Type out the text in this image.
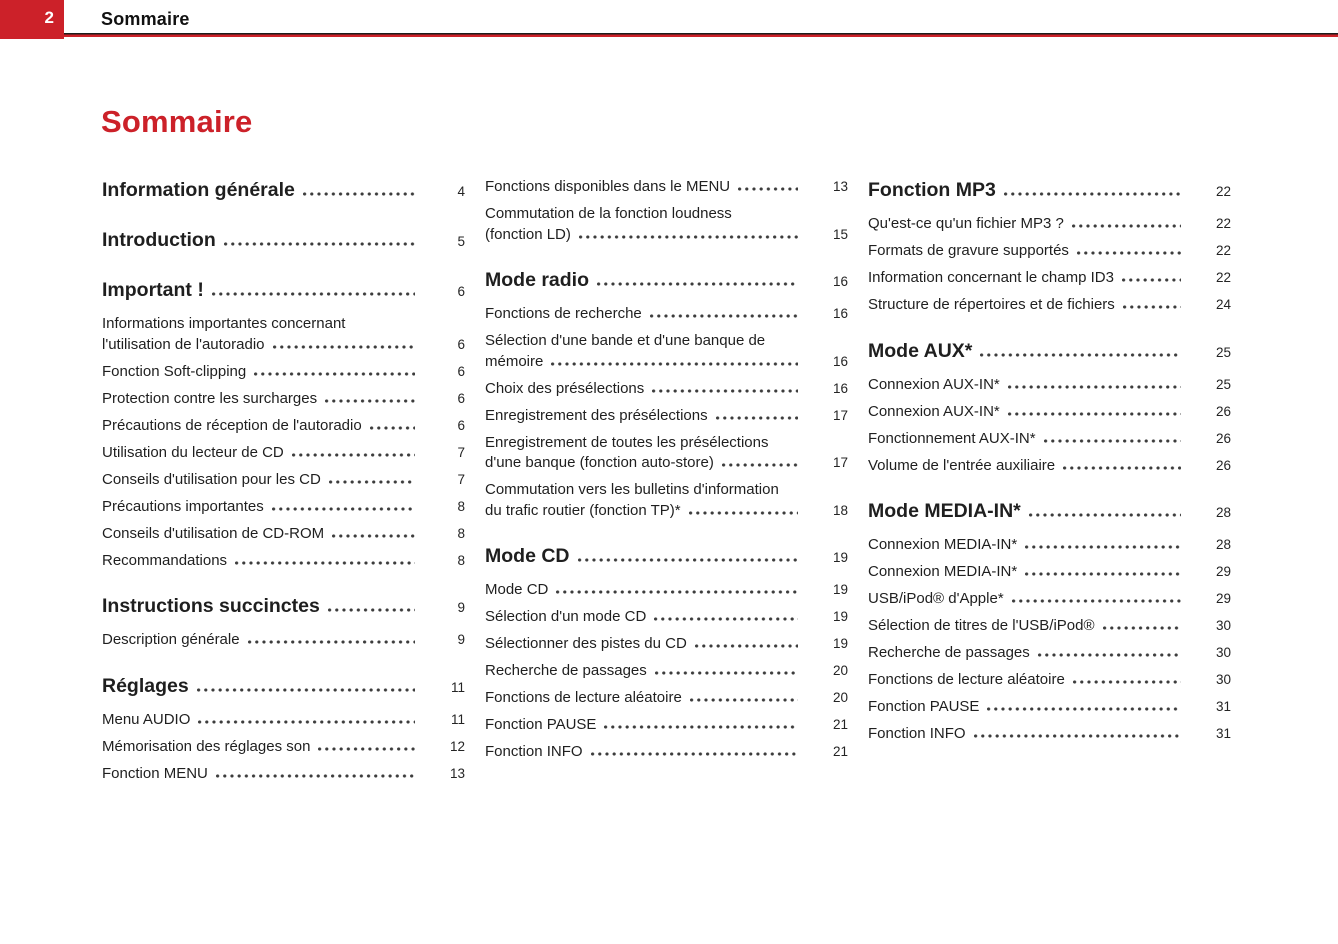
2	Sommaire
Sommaire
Information générale	4
Introduction	5
Important !	6
Informations importantes concernant
l'utilisation de l'autoradio	6
Fonction Soft-clipping	6
Protection contre les surcharges	6
Précautions de réception de l'autoradio	6
Utilisation du lecteur de CD	7
Conseils d'utilisation pour les CD	7
Précautions importantes	8
Conseils d'utilisation de CD-ROM	8
Recommandations	8
Instructions succinctes	9
Description générale	9
Réglages	11
Menu AUDIO	11
Mémorisation des réglages son	12
Fonction MENU	13
Fonctions disponibles dans le MENU	13
Commutation de la fonction loudness
(fonction LD)	15
Mode radio	16
Fonctions de recherche	16
Sélection d'une bande et d'une banque de
mémoire	16
Choix des présélections	16
Enregistrement des présélections	17
Enregistrement de toutes les présélections
d'une banque (fonction auto-store)	17
Commutation vers les bulletins d'information
du trafic routier (fonction TP)*	18
Mode CD	19
Mode CD	19
Sélection d'un mode CD	19
Sélectionner des pistes du CD	19
Recherche de passages	20
Fonctions de lecture aléatoire	20
Fonction PAUSE	21
Fonction INFO	21
Fonction MP3	22
Qu'est-ce qu'un fichier MP3 ?	22
Formats de gravure supportés	22
Information concernant le champ ID3	22
Structure de répertoires et de fichiers	24
Mode AUX*	25
Connexion AUX-IN*	25
Connexion AUX-IN*	26
Fonctionnement AUX-IN*	26
Volume de l'entrée auxiliaire	26
Mode MEDIA-IN*	28
Connexion MEDIA-IN*	28
Connexion MEDIA-IN*	29
USB/iPod® d'Apple*	29
Sélection de titres de l'USB/iPod®	30
Recherche de passages	30
Fonctions de lecture aléatoire	30
Fonction PAUSE	31
Fonction INFO	31
